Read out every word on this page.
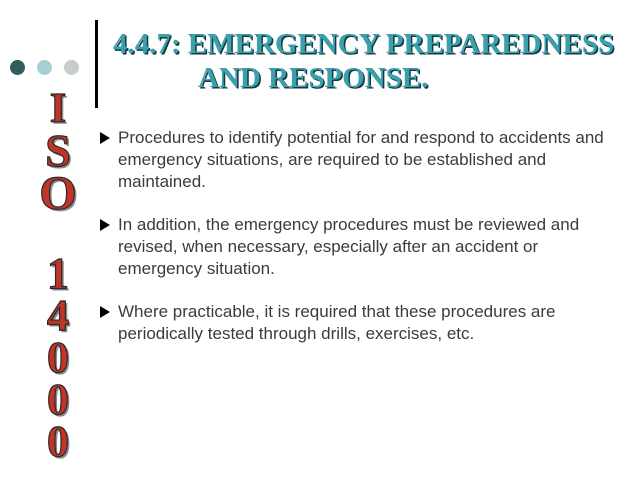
4.4.7: EMERGENCY PREPAREDNESS
AND RESPONSE.
I
S
O
1
4
0
0
0
Procedures to identify potential for and respond to accidents and emergency situations, are required to be established and maintained.
In addition, the emergency procedures must be reviewed and revised, when necessary, especially after an accident or emergency situation.
Where practicable, it is required that these procedures are periodically tested through drills, exercises, etc.
